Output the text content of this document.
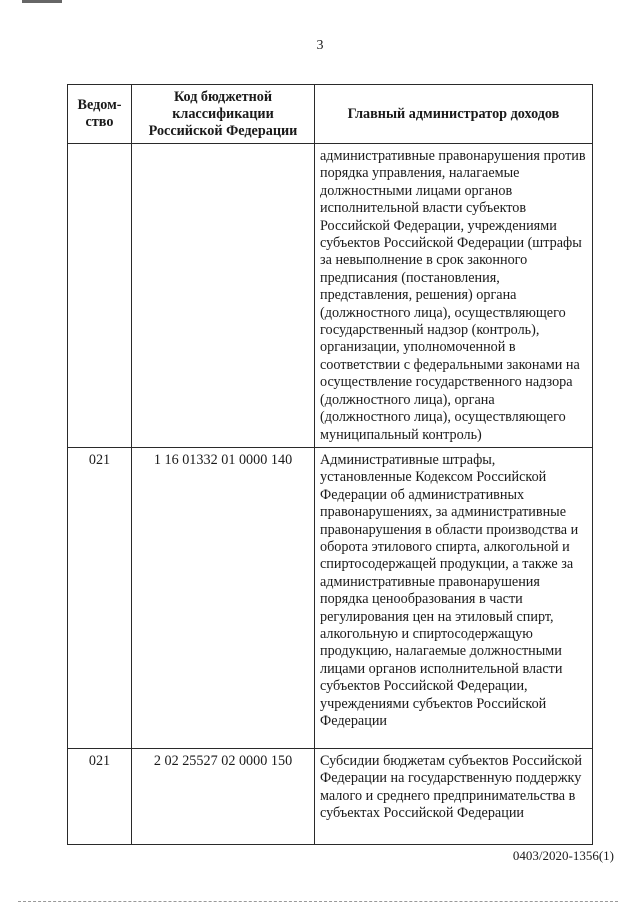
3
Ведом-ство	Код бюджетной классификации Российской Федерации	Главный администратор доходов
		административные правонарушения против порядка управления, налагаемые должностными лицами органов исполнительной власти субъектов Российской Федерации, учреждениями субъектов Российской Федерации (штрафы за невыполнение в срок законного предписания (постановления, представления, решения) органа (должностного лица), осуществляющего государственный надзор (контроль), организации, уполномоченной в соответствии с федеральными законами на осуществление государственного надзора (должностного лица), органа (должностного лица), осуществляющего муниципальный контроль)
021	1 16 01332 01 0000 140	Административные штрафы, установленные Кодексом Российской Федерации об административных правонарушениях, за административные правонарушения в области производства и оборота этилового спирта, алкогольной и спиртосодержащей продукции, а также за административные правонарушения порядка ценообразования в части регулирования цен на этиловый спирт, алкогольную и спиртосодержащую продукцию, налагаемые должностными лицами органов исполнительной власти субъектов Российской Федерации, учреждениями субъектов Российской Федерации
021	2 02 25527 02 0000 150	Субсидии бюджетам субъектов Российской Федерации на государственную поддержку малого и среднего предпринимательства в субъектах Российской Федерации
0403/2020-1356(1)
